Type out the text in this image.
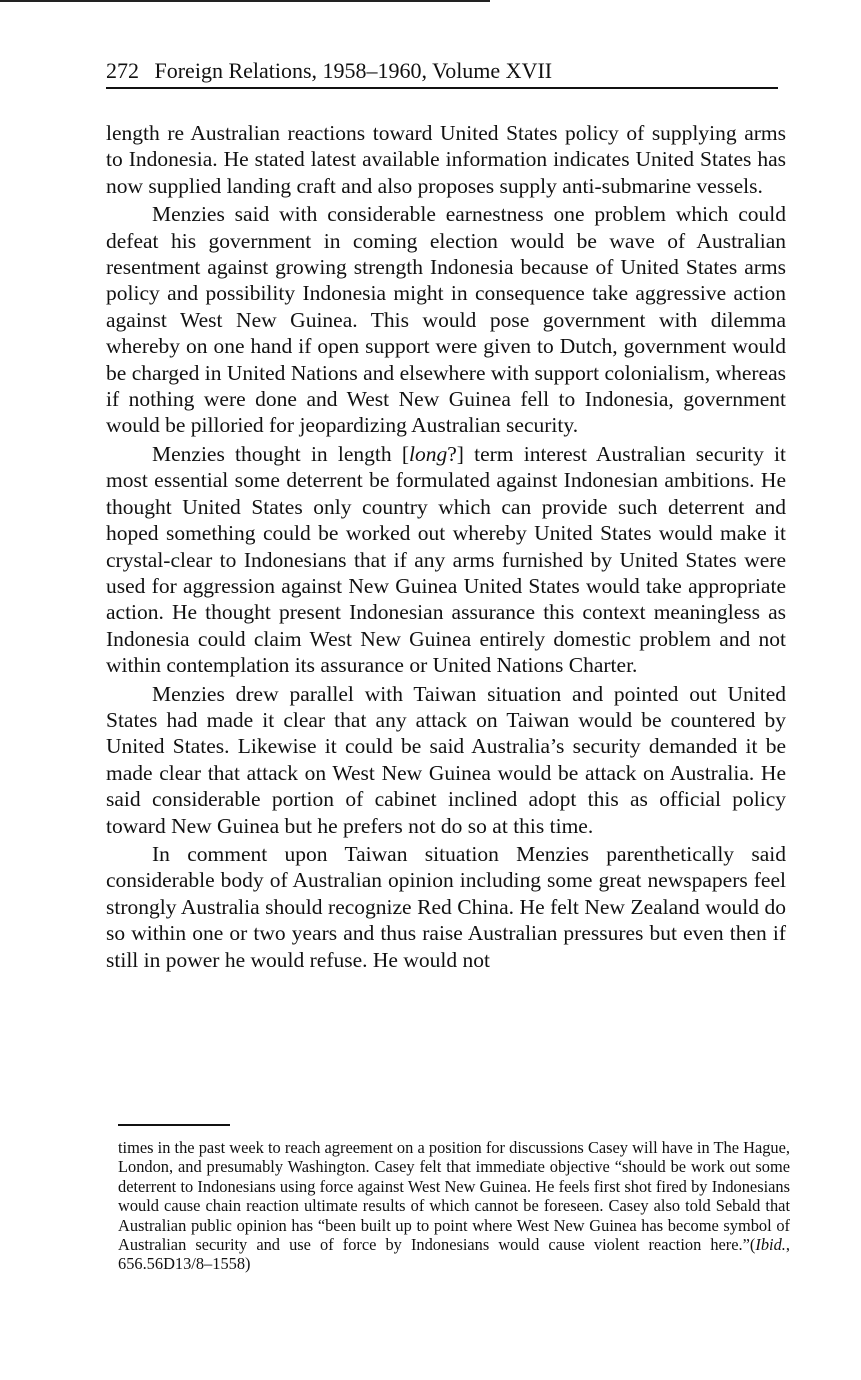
272 Foreign Relations, 1958–1960, Volume XVII

length re Australian reactions toward United States policy of supplying arms to Indonesia. He stated latest available information indicates United States has now supplied landing craft and also proposes supply anti-submarine vessels.

Menzies said with considerable earnestness one problem which could defeat his government in coming election would be wave of Australian resentment against growing strength Indonesia because of United States arms policy and possibility Indonesia might in consequence take aggressive action against West New Guinea. This would pose government with dilemma whereby on one hand if open support were given to Dutch, government would be charged in United Nations and elsewhere with support colonialism, whereas if nothing were done and West New Guinea fell to Indonesia, government would be pilloried for jeopardizing Australian security.

Menzies thought in length [long?] term interest Australian security it most essential some deterrent be formulated against Indonesian ambitions. He thought United States only country which can provide such deterrent and hoped something could be worked out whereby United States would make it crystal-clear to Indonesians that if any arms furnished by United States were used for aggression against New Guinea United States would take appropriate action. He thought present Indonesian assurance this context meaningless as Indonesia could claim West New Guinea entirely domestic problem and not within contemplation its assurance or United Nations Charter.

Menzies drew parallel with Taiwan situation and pointed out United States had made it clear that any attack on Taiwan would be countered by United States. Likewise it could be said Australia’s security demanded it be made clear that attack on West New Guinea would be attack on Australia. He said considerable portion of cabinet inclined adopt this as official policy toward New Guinea but he prefers not do so at this time.

In comment upon Taiwan situation Menzies parenthetically said considerable body of Australian opinion including some great newspapers feel strongly Australia should recognize Red China. He felt New Zealand would do so within one or two years and thus raise Australian pressures but even then if still in power he would refuse. He would not

times in the past week to reach agreement on a position for discussions Casey will have in The Hague, London, and presumably Washington. Casey felt that immediate objective “should be work out some deterrent to Indonesians using force against West New Guinea. He feels first shot fired by Indonesians would cause chain reaction ultimate results of which cannot be foreseen. Casey also told Sebald that Australian public opinion has “been built up to point where West New Guinea has become symbol of Australian security and use of force by Indonesians would cause violent reaction here.”(Ibid., 656.56D13/8–1558)
